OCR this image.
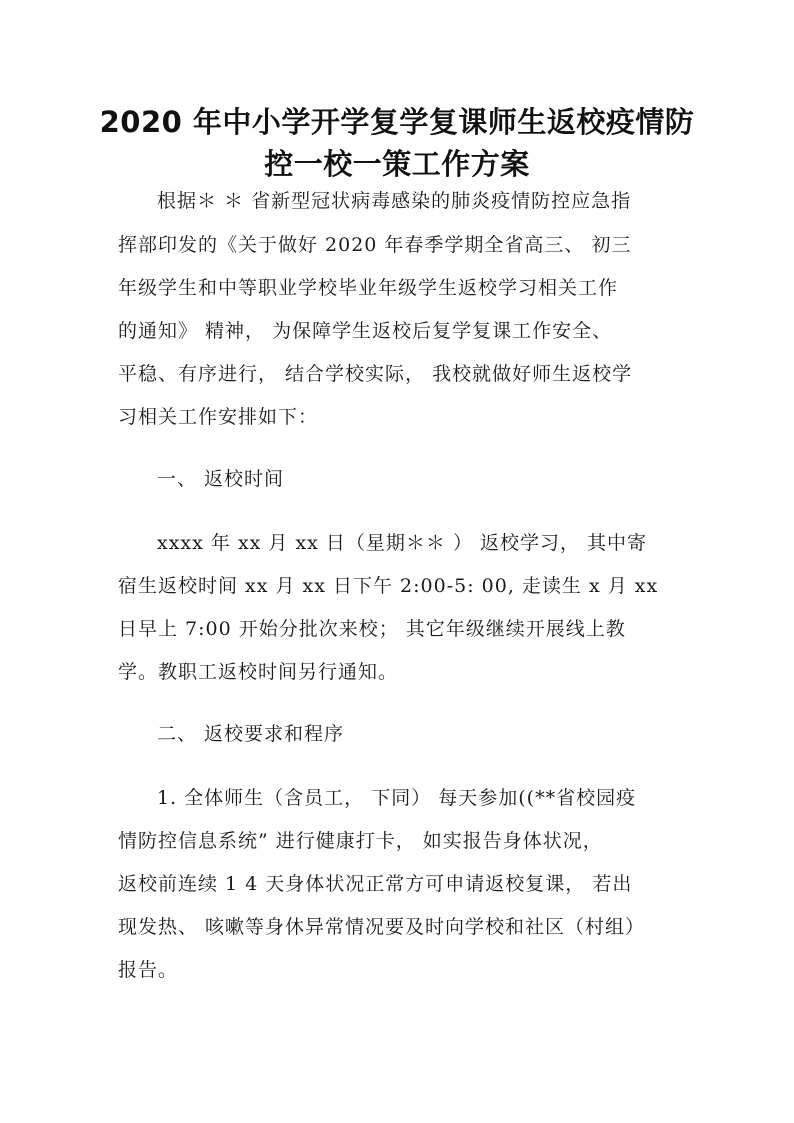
2020 年中小学开学复学复课师生返校疫情防
控一校一策工作方案
根据＊ ＊ 省新型冠状病毒感染的肺炎疫情防控应急指
挥部印发的《关于做好 2020 年春季学期全省高三、 初三
年级学生和中等职业学校毕业年级学生返校学习相关工作
的通知》 精神， 为保障学生返校后复学复课工作安全、
平稳、有序进行， 结合学校实际， 我校就做好师生返校学
习相关工作安排如下：
一、 返校时间
xxxx 年 xx 月 xx 日（星期＊＊ ） 返校学习， 其中寄
宿生返校时间 xx 月 xx 日下午 2:00-5: 00, 走读生 x 月 xx
日早上 7:00 开始分批次来校； 其它年级继续开展线上教
学。教职工返校时间另行通知。
二、 返校要求和程序
1. 全体师生（含员工， 下同） 每天参加((**省校园疫
情防控信息系统” 进行健康打卡， 如实报告身体状况，
返校前连续 1 4 天身体状况正常方可申请返校复课， 若出
现发热、 咳嗽等身休异常情况要及时向学校和社区（村组）
报告。
